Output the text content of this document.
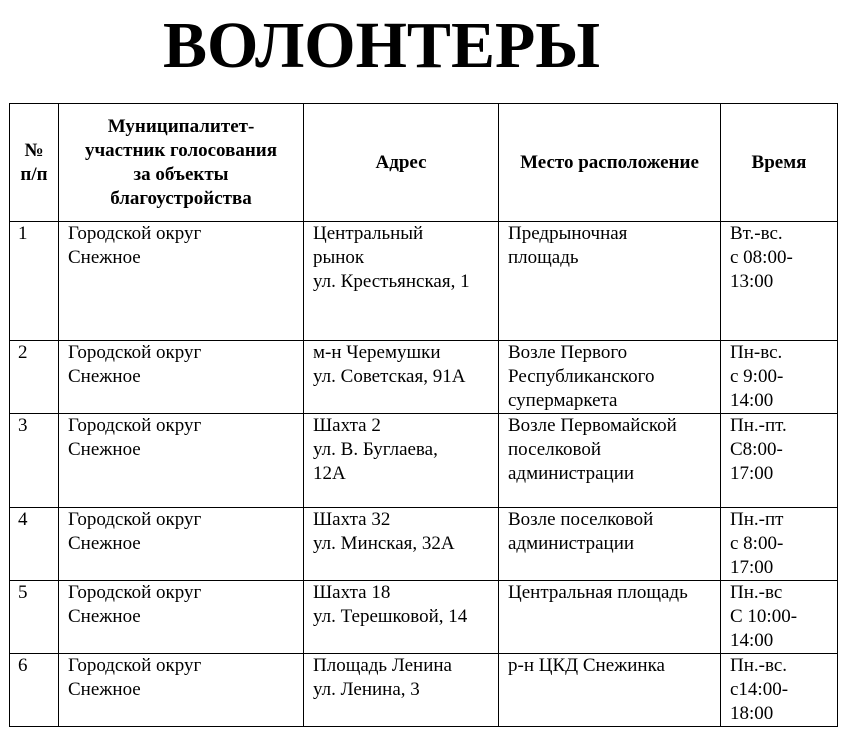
ВОЛОНТЕРЫ
№
п/п	Муниципалитет-
участник голосования
за объекты
благоустройства	Адрес	Место расположение	Время

1	Городской округ
Снежное	Центральный
рынок
ул. Крестьянская, 1	Предрыночная
площадь	Вт.-вс.
с 08:00-
13:00

2	Городской округ
Снежное	м-н Черемушки
ул. Советская, 91А	Возле Первого
Республиканского
супермаркета	Пн-вс.
с 9:00-
14:00

3	Городской округ
Снежное	Шахта 2
ул. В. Буглаева,
12А	Возле Первомайской
поселковой
администрации	Пн.-пт.
С8:00-
17:00

4	Городской округ
Снежное	Шахта 32
ул. Минская, 32А	Возле поселковой
администрации	Пн.-пт
с 8:00-
17:00

5	Городской округ
Снежное	Шахта 18
ул. Терешковой, 14	Центральная площадь	Пн.-вс
С 10:00-
14:00

6	Городской округ
Снежное	Площадь Ленина
ул. Ленина, 3	р-н ЦКД Снежинка	Пн.-вс.
с14:00-
18:00
